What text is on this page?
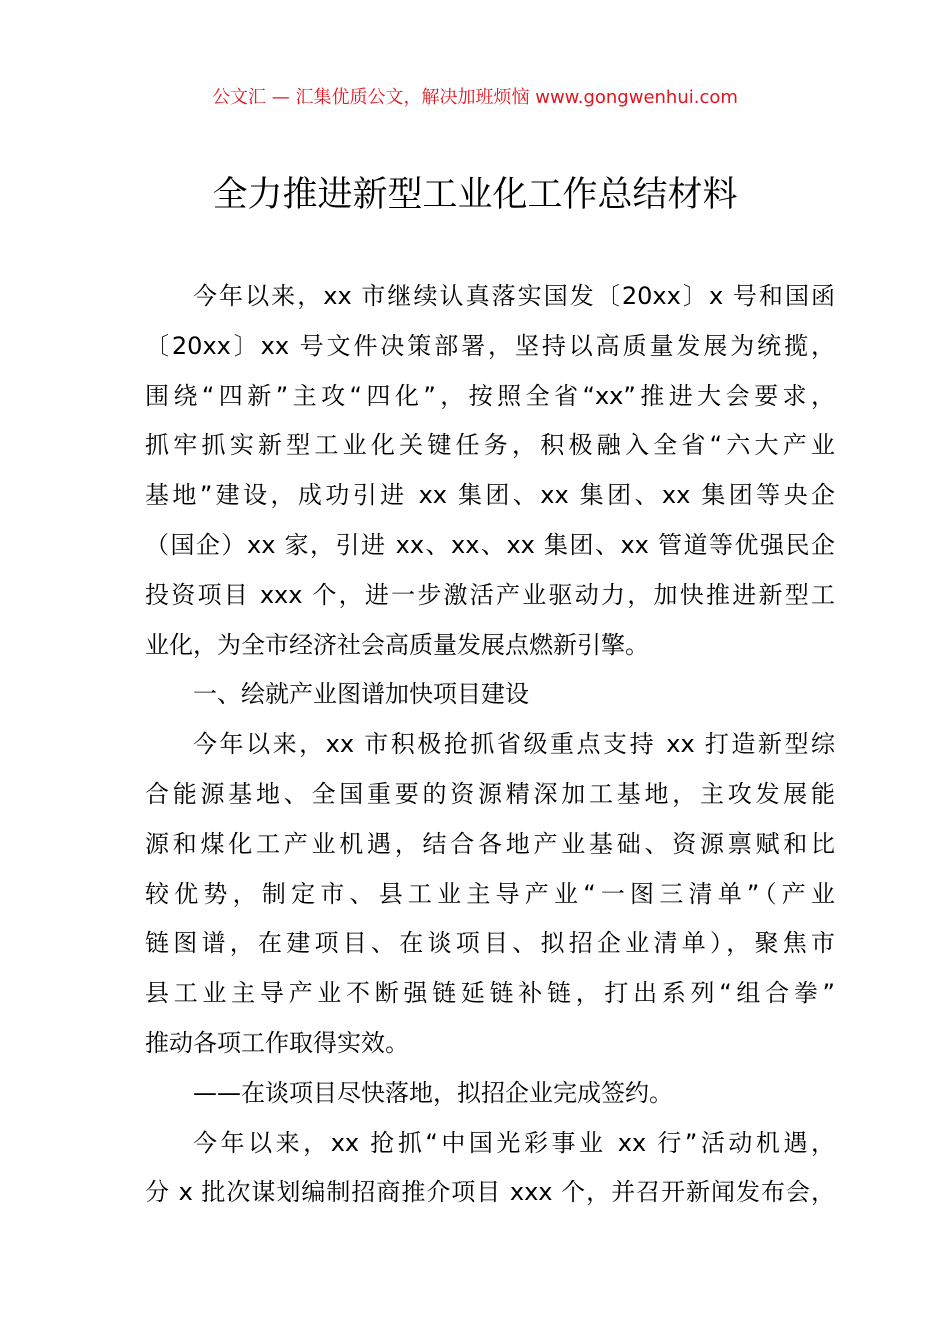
公文汇 — 汇集优质公文，解决加班烦恼 www.gongwenhui.com
全力推进新型工业化工作总结材料
今年以来，xx 市继续认真落实国发〔20xx〕x 号和国函
〔20xx〕xx 号文件决策部署，坚持以高质量发展为统揽，
围绕“四新”主攻“四化”，按照全省“xx”推进大会要求，
抓牢抓实新型工业化关键任务，积极融入全省“六大产业
基地”建设，成功引进 xx 集团、xx 集团、xx 集团等央企
（国企）xx 家，引进 xx、xx、xx 集团、xx 管道等优强民企
投资项目 xxx 个，进一步激活产业驱动力，加快推进新型工
业化，为全市经济社会高质量发展点燃新引擎。
一、绘就产业图谱加快项目建设
今年以来，xx 市积极抢抓省级重点支持 xx 打造新型综
合能源基地、全国重要的资源精深加工基地，主攻发展能
源和煤化工产业机遇，结合各地产业基础、资源禀赋和比
较优势，制定市、县工业主导产业“一图三清单”（产业
链图谱，在建项目、在谈项目、拟招企业清单），聚焦市
县工业主导产业不断强链延链补链，打出系列“组合拳”
推动各项工作取得实效。
——在谈项目尽快落地，拟招企业完成签约。
今年以来，xx 抢抓“中国光彩事业 xx 行”活动机遇，
分 x 批次谋划编制招商推介项目 xxx 个，并召开新闻发布会，
